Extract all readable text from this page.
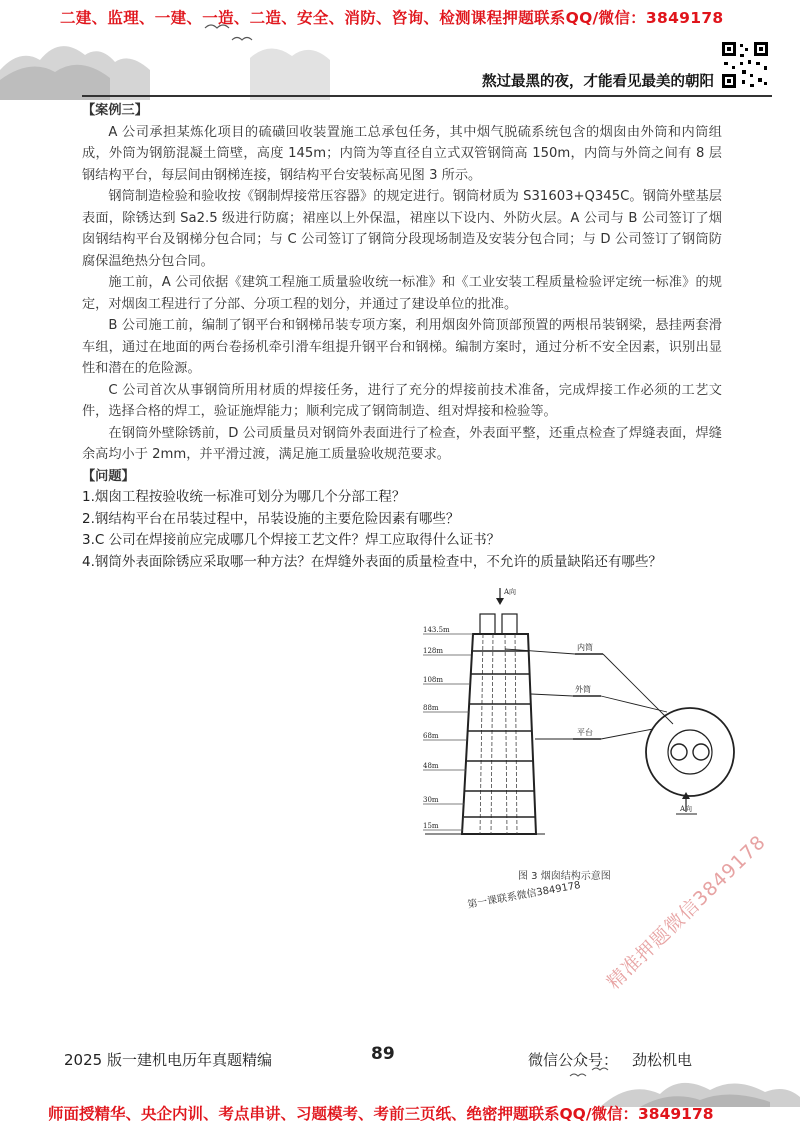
二建、监理、一建、一造、二造、安全、消防、咨询、检测课程押题联系QQ/微信：3849178
熬过最黑的夜，才能看见最美的朝阳
【案例三】

A 公司承担某炼化项目的硫磺回收装置施工总承包任务，其中烟气脱硫系统包含的烟囱由外筒和内筒组成，外筒为钢筋混凝土筒壁，高度 145m；内筒为等直径自立式双管钢筒高 150m，内筒与外筒之间有 8 层钢结构平台，每层间由钢梯连接，钢结构平台安装标高见图 3 所示。

钢筒制造检验和验收按《钢制焊接常压容器》的规定进行。钢筒材质为 S31603+Q345C。钢筒外壁基层表面，除锈达到 Sa2.5 级进行防腐；裙座以上外保温，裙座以下设内、外防火层。A 公司与 B 公司签订了烟囱钢结构平台及钢梯分包合同；与 C 公司签订了钢筒分段现场制造及安装分包合同；与 D 公司签订了钢筒防腐保温绝热分包合同。

施工前，A 公司依据《建筑工程施工质量验收统一标准》和《工业安装工程质量检验评定统一标准》的规定，对烟囱工程进行了分部、分项工程的划分，并通过了建设单位的批准。

B 公司施工前，编制了钢平台和钢梯吊装专项方案，利用烟囱外筒顶部预置的两根吊装钢梁，悬挂两套滑车组，通过在地面的两台卷扬机牵引滑车组提升钢平台和钢梯。编制方案时，通过分析不安全因素，识别出显性和潜在的危险源。

C 公司首次从事钢筒所用材质的焊接任务，进行了充分的焊接前技术准备，完成焊接工作必须的工艺文件，选择合格的焊工，验证施焊能力；顺利完成了钢筒制造、组对焊接和检验等。

在钢筒外壁除锈前，D 公司质量员对钢筒外表面进行了检查，外表面平整，还重点检查了焊缝表面，焊缝余高均小于 2mm，并平滑过渡，满足施工质量验收规范要求。

【问题】

1.烟囱工程按验收统一标准可划分为哪几个分部工程？

2.钢结构平台在吊装过程中，吊装设施的主要危险因素有哪些？

3.C 公司在焊接前应完成哪几个焊接工艺文件？焊工应取得什么证书？

4.钢筒外表面除锈应采取哪一种方法？在焊缝外表面的质量检查中，不允许的质量缺陷还有哪些？

A向
143.5m
128m
108m
88m
68m
48m
30m
15m
内筒
外筒
平台
A向
图 3 烟囱结构示意图
第一课联系微信3849178 精准押题微信3849178
2025 版一建机电历年真题精编	89	微信公众号： 劲松机电
师面授精华、央企内训、考点串讲、习题模考、考前三页纸、绝密押题联系QQ/微信：3849178
